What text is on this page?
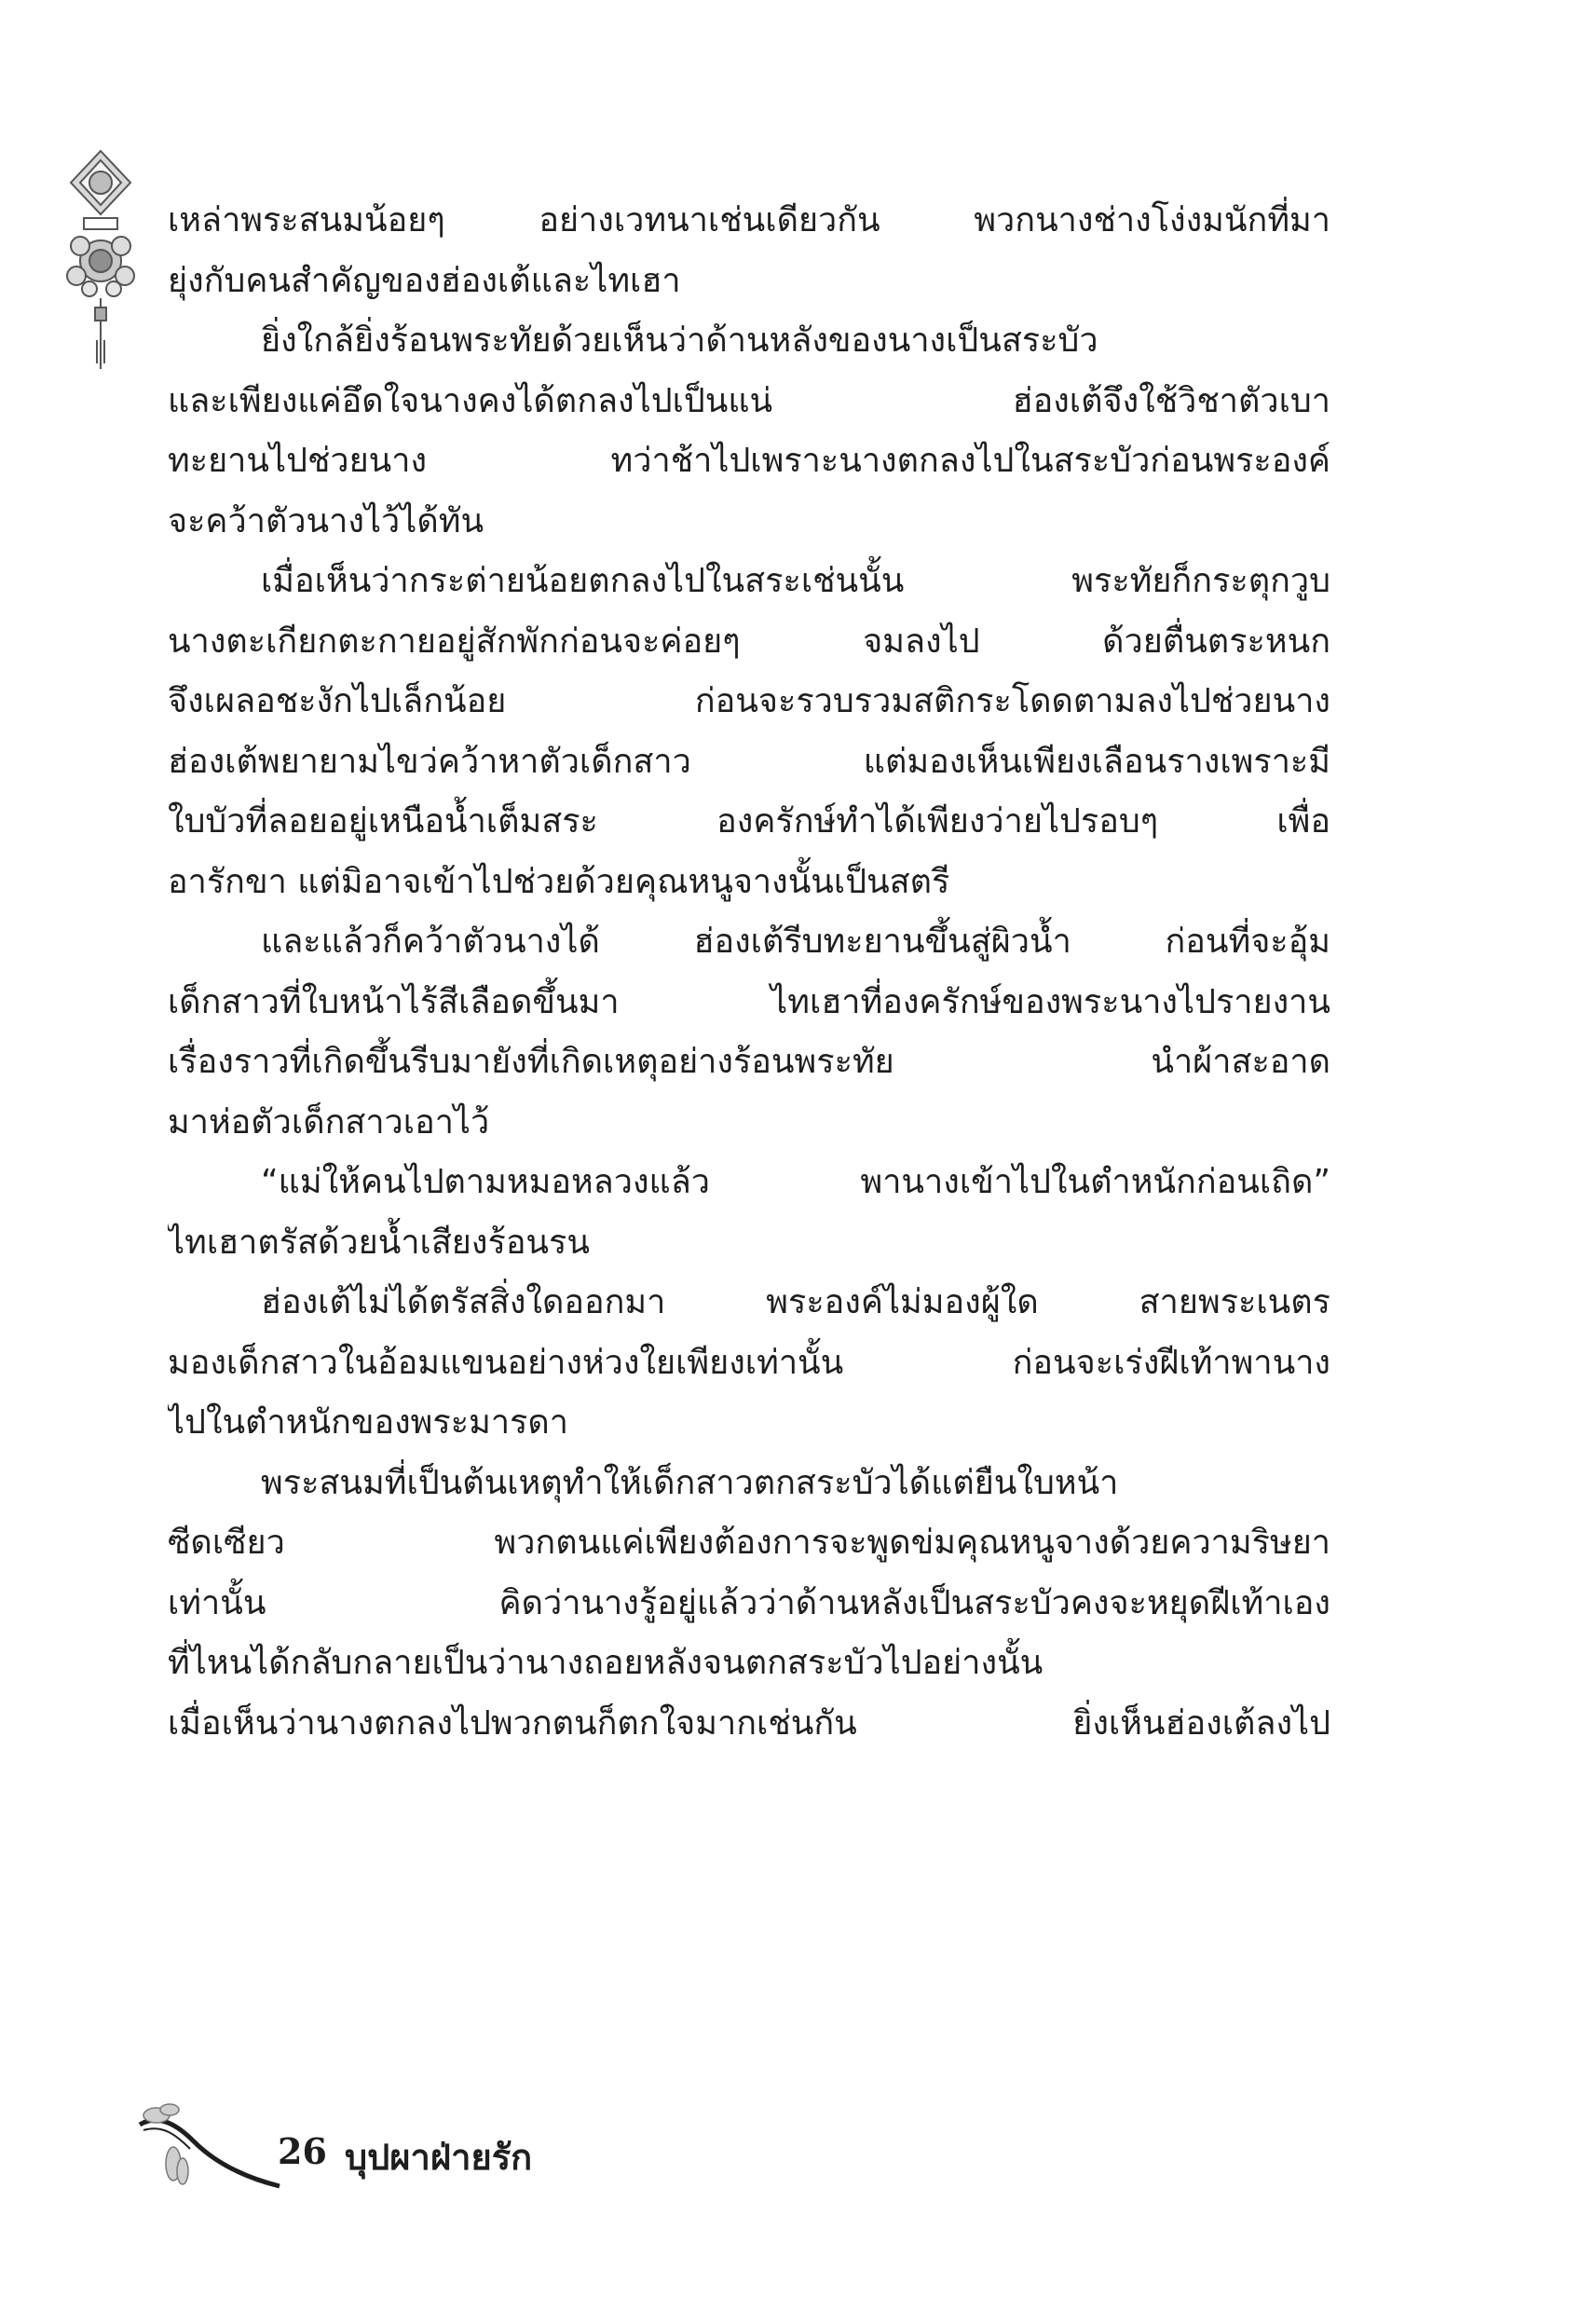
เหล่าพระสนมน้อยๆ อย่างเวทนาเช่นเดียวกัน พวกนางช่างโง่งมนักที่มา
ยุ่งกับคนสำคัญของฮ่องเต้และไทเฮา
ยิ่งใกล้ยิ่งร้อนพระทัยด้วยเห็นว่าด้านหลังของนางเป็นสระบัว
และเพียงแค่อึดใจนางคงได้ตกลงไปเป็นแน่ ฮ่องเต้จึงใช้วิชาตัวเบา
ทะยานไปช่วยนาง ทว่าช้าไปเพราะนางตกลงไปในสระบัวก่อนพระองค์
จะคว้าตัวนางไว้ได้ทัน
เมื่อเห็นว่ากระต่ายน้อยตกลงไปในสระเช่นนั้น พระทัยก็กระตุกวูบ
นางตะเกียกตะกายอยู่สักพักก่อนจะค่อยๆ จมลงไป ด้วยตื่นตระหนก
จึงเผลอชะงักไปเล็กน้อย ก่อนจะรวบรวมสติกระโดดตามลงไปช่วยนาง
ฮ่องเต้พยายามไขว่คว้าหาตัวเด็กสาว แต่มองเห็นเพียงเลือนรางเพราะมี
ใบบัวที่ลอยอยู่เหนือน้ำเต็มสระ องครักษ์ทำได้เพียงว่ายไปรอบๆ เพื่อ
อารักขา แต่มิอาจเข้าไปช่วยด้วยคุณหนูจางนั้นเป็นสตรี
และแล้วก็คว้าตัวนางได้ ฮ่องเต้รีบทะยานขึ้นสู่ผิวน้ำ ก่อนที่จะอุ้ม
เด็กสาวที่ใบหน้าไร้สีเลือดขึ้นมา ไทเฮาที่องครักษ์ของพระนางไปรายงาน
เรื่องราวที่เกิดขึ้นรีบมายังที่เกิดเหตุอย่างร้อนพระทัย นำผ้าสะอาด
มาห่อตัวเด็กสาวเอาไว้
“แม่ให้คนไปตามหมอหลวงแล้ว พานางเข้าไปในตำหนักก่อนเถิด”
ไทเฮาตรัสด้วยน้ำเสียงร้อนรน
ฮ่องเต้ไม่ได้ตรัสสิ่งใดออกมา พระองค์ไม่มองผู้ใด สายพระเนตร
มองเด็กสาวในอ้อมแขนอย่างห่วงใยเพียงเท่านั้น ก่อนจะเร่งฝีเท้าพานาง
ไปในตำหนักของพระมารดา
พระสนมที่เป็นต้นเหตุทำให้เด็กสาวตกสระบัวได้แต่ยืนใบหน้า
ซีดเซียว พวกตนแค่เพียงต้องการจะพูดข่มคุณหนูจางด้วยความริษยา
เท่านั้น คิดว่านางรู้อยู่แล้วว่าด้านหลังเป็นสระบัวคงจะหยุดฝีเท้าเอง
ที่ไหนได้กลับกลายเป็นว่านางถอยหลังจนตกสระบัวไปอย่างนั้น
เมื่อเห็นว่านางตกลงไปพวกตนก็ตกใจมากเช่นกัน ยิ่งเห็นฮ่องเต้ลงไป
26 บุปผาฝ่ายรัก
